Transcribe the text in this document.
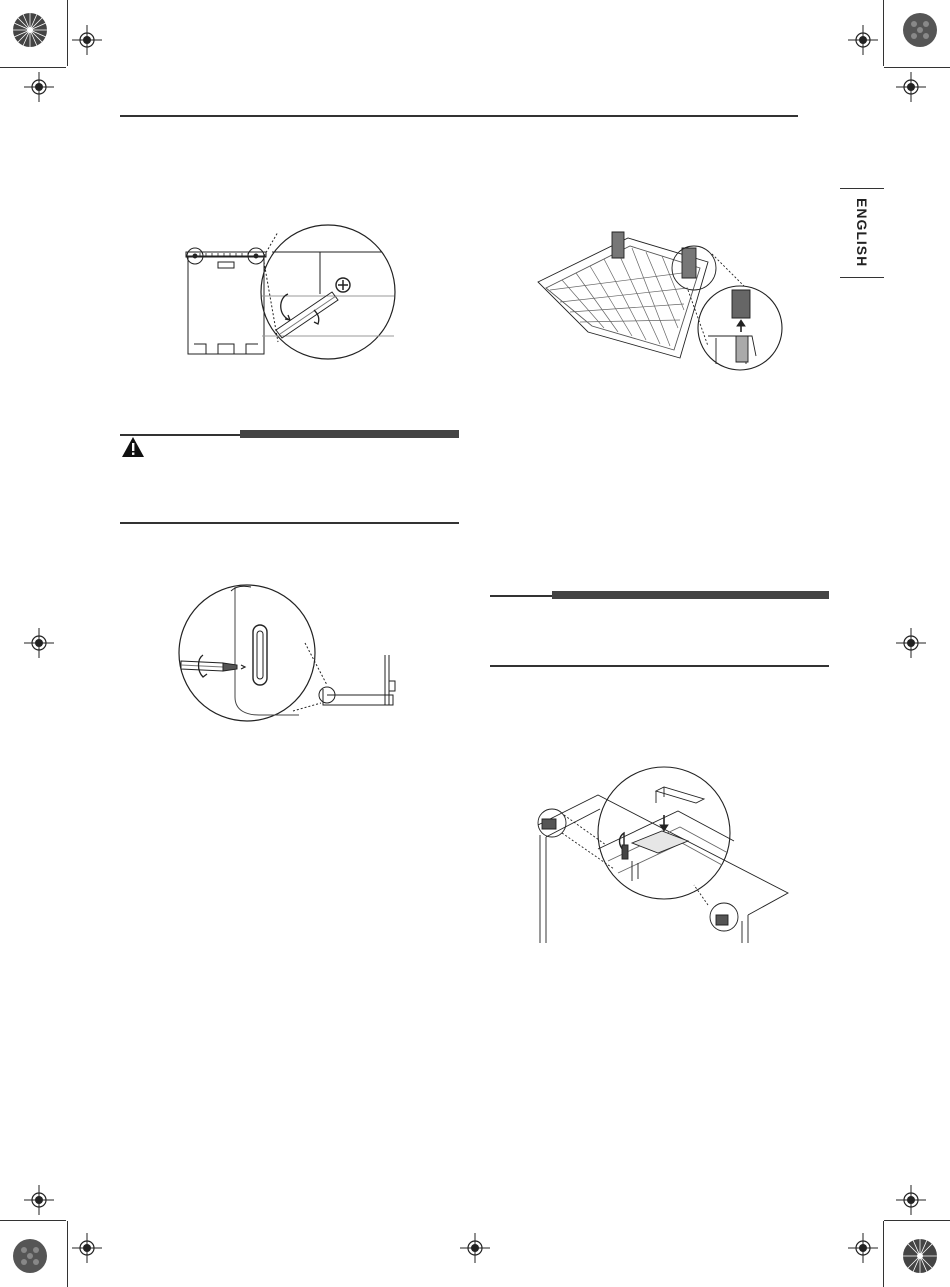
ENGLISH
